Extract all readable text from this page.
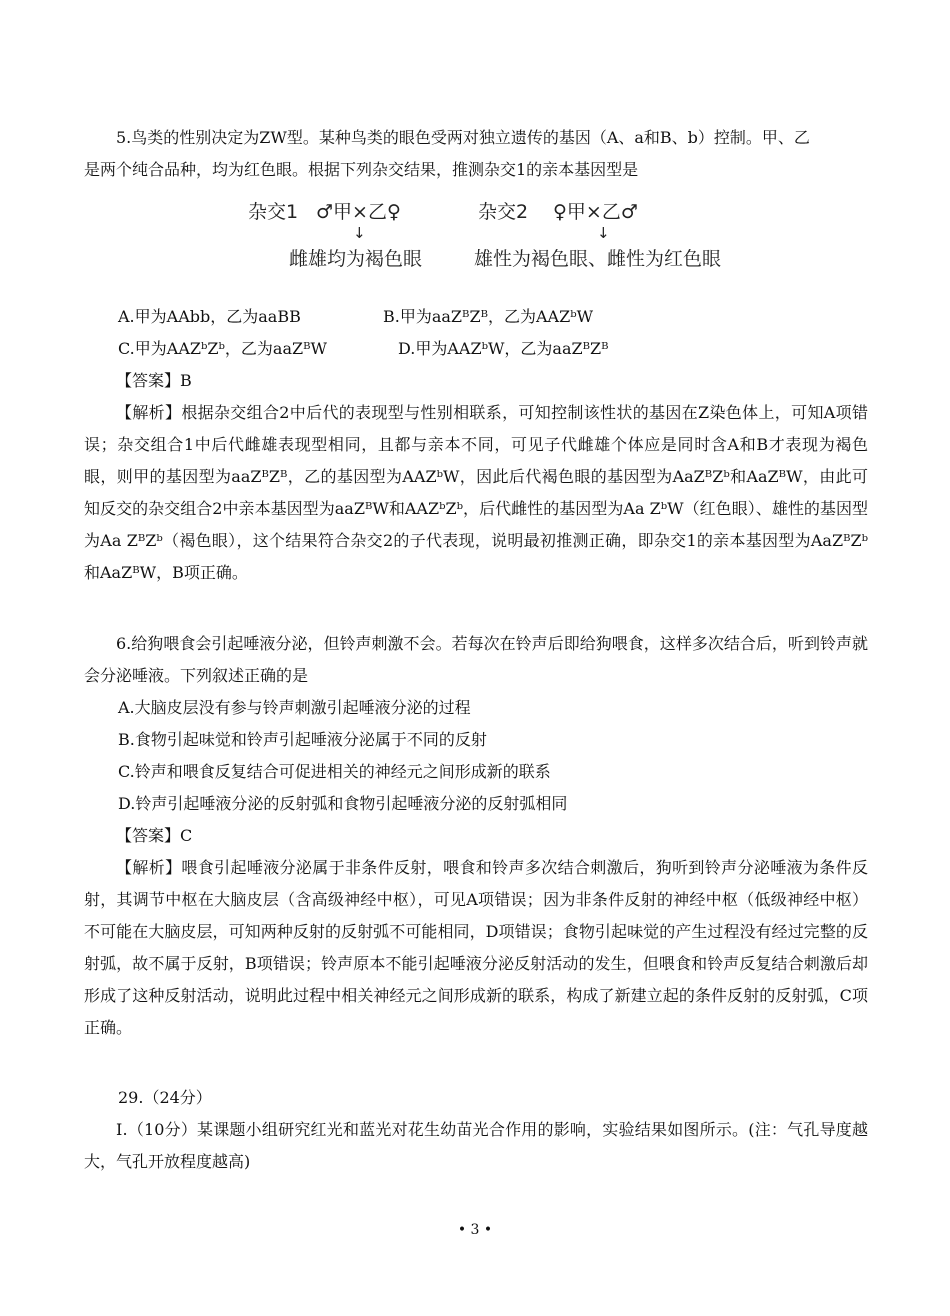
5.鸟类的性别决定为ZW型。某种鸟类的眼色受两对独立遗传的基因（A、a和B、b）控制。甲、乙
是两个纯合品种，均为红色眼。根据下列杂交结果，推测杂交1的亲本基因型是
杂交1 ♂甲×乙♀
↓
雌雄均为褐色眼
杂交2 ♀甲×乙♂
↓
雄性为褐色眼、雌性为红色眼
A.甲为AAbb，乙为aaBB	B.甲为aaZᴮZᴮ，乙为AAZᵇW
C.甲为AAZᵇZᵇ，乙为aaZᴮW	D.甲为AAZᵇW，乙为aaZᴮZᴮ
【答案】B
【解析】根据杂交组合2中后代的表现型与性别相联系，可知控制该性状的基因在Z染色体上，可知A项错误；杂交组合1中后代雌雄表现型相同，且都与亲本不同，可见子代雌雄个体应是同时含A和B才表现为褐色眼，则甲的基因型为aaZᴮZᴮ，乙的基因型为AAZᵇW，因此后代褐色眼的基因型为AaZᴮZᵇ和AaZᴮW，由此可知反交的杂交组合2中亲本基因型为aaZᴮW和AAZᵇZᵇ，后代雌性的基因型为Aa ZᵇW（红色眼）、雄性的基因型为Aa ZᴮZᵇ（褐色眼），这个结果符合杂交2的子代表现，说明最初推测正确，即杂交1的亲本基因型为AaZᴮZᵇ和AaZᴮW，B项正确。
6.给狗喂食会引起唾液分泌，但铃声刺激不会。若每次在铃声后即给狗喂食，这样多次结合后，听到铃声就会分泌唾液。下列叙述正确的是
A.大脑皮层没有参与铃声刺激引起唾液分泌的过程
B.食物引起味觉和铃声引起唾液分泌属于不同的反射
C.铃声和喂食反复结合可促进相关的神经元之间形成新的联系
D.铃声引起唾液分泌的反射弧和食物引起唾液分泌的反射弧相同
【答案】C
【解析】喂食引起唾液分泌属于非条件反射，喂食和铃声多次结合刺激后，狗听到铃声分泌唾液为条件反射，其调节中枢在大脑皮层（含高级神经中枢），可见A项错误；因为非条件反射的神经中枢（低级神经中枢）不可能在大脑皮层，可知两种反射的反射弧不可能相同，D项错误；食物引起味觉的产生过程没有经过完整的反射弧，故不属于反射，B项错误；铃声原本不能引起唾液分泌反射活动的发生，但喂食和铃声反复结合刺激后却形成了这种反射活动，说明此过程中相关神经元之间形成新的联系，构成了新建立起的条件反射的反射弧，C项正确。
29.（24分）
Ⅰ.（10分）某课题小组研究红光和蓝光对花生幼苗光合作用的影响，实验结果如图所示。(注：气孔导度越大，气孔开放程度越高)
• 3 •
